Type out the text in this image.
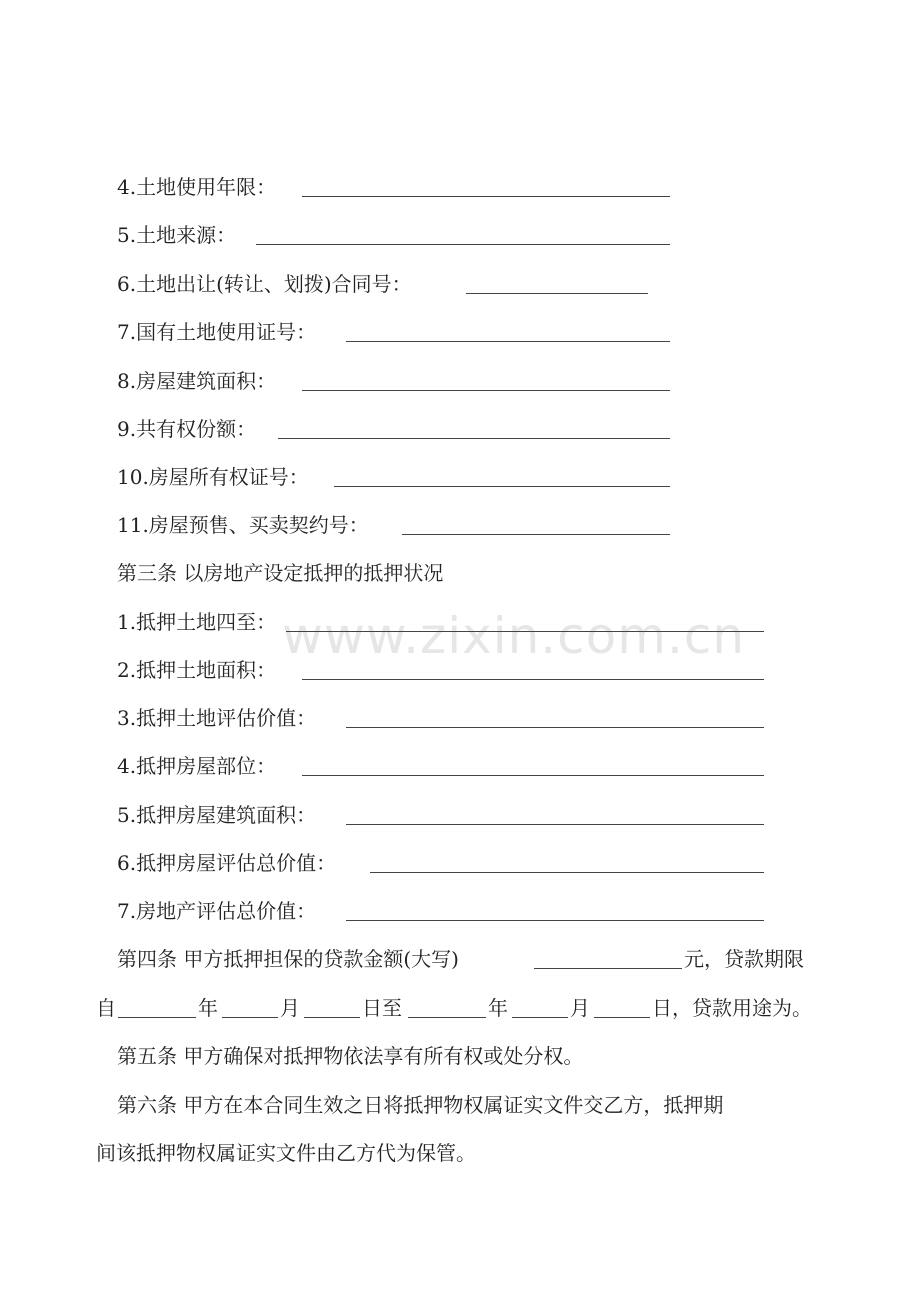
www.zixin.com.cn
4.土地使用年限：
5.土地来源：
6.土地出让(转让、划拨)合同号：
7.国有土地使用证号：
8.房屋建筑面积：
9.共有权份额：
10.房屋所有权证号：
11.房屋预售、买卖契约号：
第三条 以房地产设定抵押的抵押状况
1.抵押土地四至：
2.抵押土地面积：
3.抵押土地评估价值：
4.抵押房屋部位：
5.抵押房屋建筑面积：
6.抵押房屋评估总价值：
7.房地产评估总价值：
第四条 甲方抵押担保的贷款金额(大写)	元，贷款期限
自	年	月	日至	年	月	日，贷款用途为。
第五条 甲方确保对抵押物依法享有所有权或处分权。
第六条 甲方在本合同生效之日将抵押物权属证实文件交乙方，抵押期
间该抵押物权属证实文件由乙方代为保管。
